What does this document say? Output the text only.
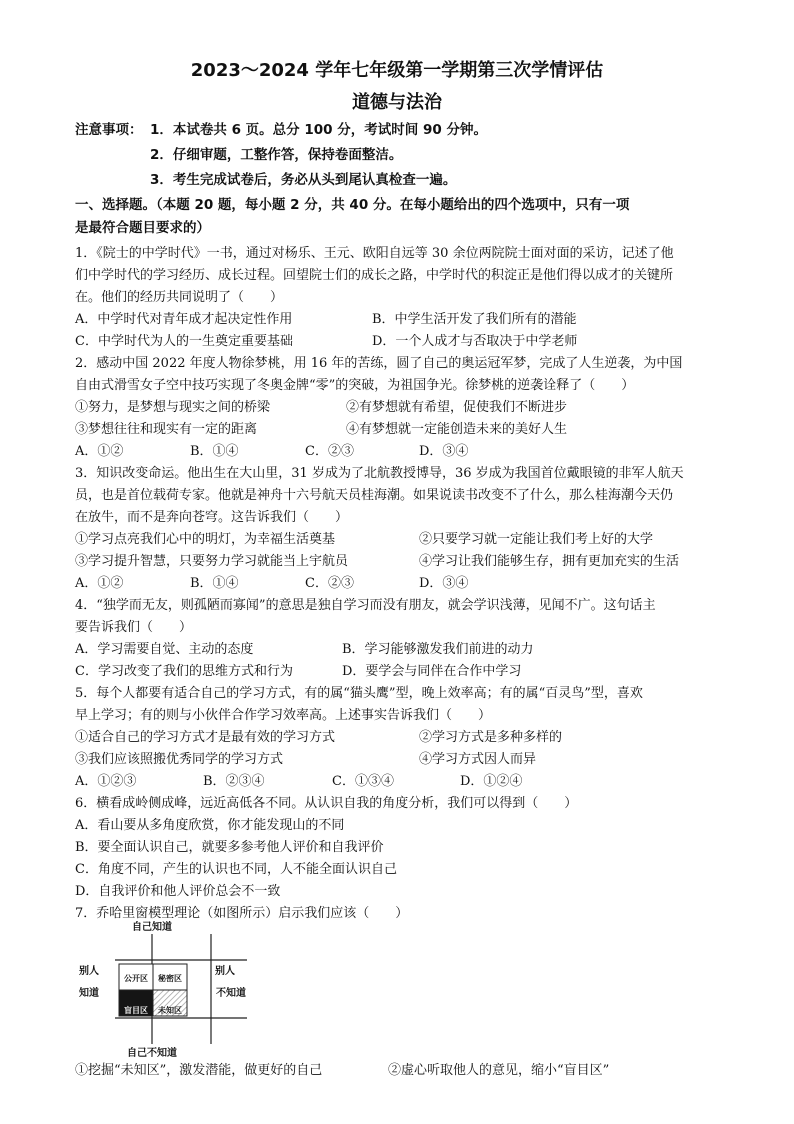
2023～2024 学年七年级第一学期第三次学情评估
道德与法治
注意事项： 1．本试卷共 6 页。总分 100 分，考试时间 90 分钟。
2．仔细审题，工整作答，保持卷面整洁。
3．考生完成试卷后，务必从头到尾认真检查一遍。
一、选择题。（本题 20 题，每小题 2 分，共 40 分。在每小题给出的四个选项中，只有一项
是最符合题目要求的）
1．《院士的中学时代》一书，通过对杨乐、王元、欧阳自远等 30 余位两院院士面对面的采访，记述了他
们中学时代的学习经历、成长过程。回望院士们的成长之路，中学时代的积淀正是他们得以成才的关键所
在。他们的经历共同说明了（　　）
A．中学时代对青年成才起决定性作用	B．中学生活开发了我们所有的潜能
C．中学时代为人的一生奠定重要基础	D．一个人成才与否取决于中学老师
2．感动中国 2022 年度人物徐梦桃，用 16 年的苦练，圆了自己的奥运冠军梦，完成了人生逆袭，为中国
自由式滑雪女子空中技巧实现了冬奥金牌“零”的突破，为祖国争光。徐梦桃的逆袭诠释了（　　）
①努力，是梦想与现实之间的桥梁	②有梦想就有希望，促使我们不断进步
③梦想往往和现实有一定的距离	④有梦想就一定能创造未来的美好人生
A．①②	B．①④	C．②③	D．③④
3．知识改变命运。他出生在大山里，31 岁成为了北航教授博导，36 岁成为我国首位戴眼镜的非军人航天
员，也是首位载荷专家。他就是神舟十六号航天员桂海潮。如果说读书改变不了什么，那么桂海潮今天仍
在放牛，而不是奔向苍穹。这告诉我们（　　）
①学习点亮我们心中的明灯，为幸福生活奠基	②只要学习就一定能让我们考上好的大学
③学习提升智慧，只要努力学习就能当上宇航员	④学习让我们能够生存，拥有更加充实的生活
A．①②	B．①④	C．②③	D．③④
4．“独学而无友，则孤陋而寡闻”的意思是独自学习而没有朋友，就会学识浅薄，见闻不广。这句话主
要告诉我们（　　）
A．学习需要自觉、主动的态度	B．学习能够激发我们前进的动力
C．学习改变了我们的思维方式和行为	D．要学会与同伴在合作中学习
5．每个人都要有适合自己的学习方式，有的属“猫头鹰”型，晚上效率高；有的属“百灵鸟”型，喜欢
早上学习；有的则与小伙伴合作学习效率高。上述事实告诉我们（　　）
①适合自己的学习方式才是最有效的学习方式	②学习方式是多种多样的
③我们应该照搬优秀同学的学习方式	④学习方式因人而异
A．①②③	B．②③④	C．①③④	D．①②④
6．横看成岭侧成峰，远近高低各不同。从认识自我的角度分析，我们可以得到（　　）
A．看山要从多角度欣赏，你才能发现山的不同
B．要全面认识自己，就要多参考他人评价和自我评价
C．角度不同，产生的认识也不同，人不能全面认识自己
D．自我评价和他人评价总会不一致
7．乔哈里窗模型理论（如图所示）启示我们应该（　　）
自己知道
自己不知道
别人
知道
别人
不知道
公开区 秘密区
盲目区 未知区
①挖掘“未知区”，激发潜能，做更好的自己	②虚心听取他人的意见，缩小“盲目区”
